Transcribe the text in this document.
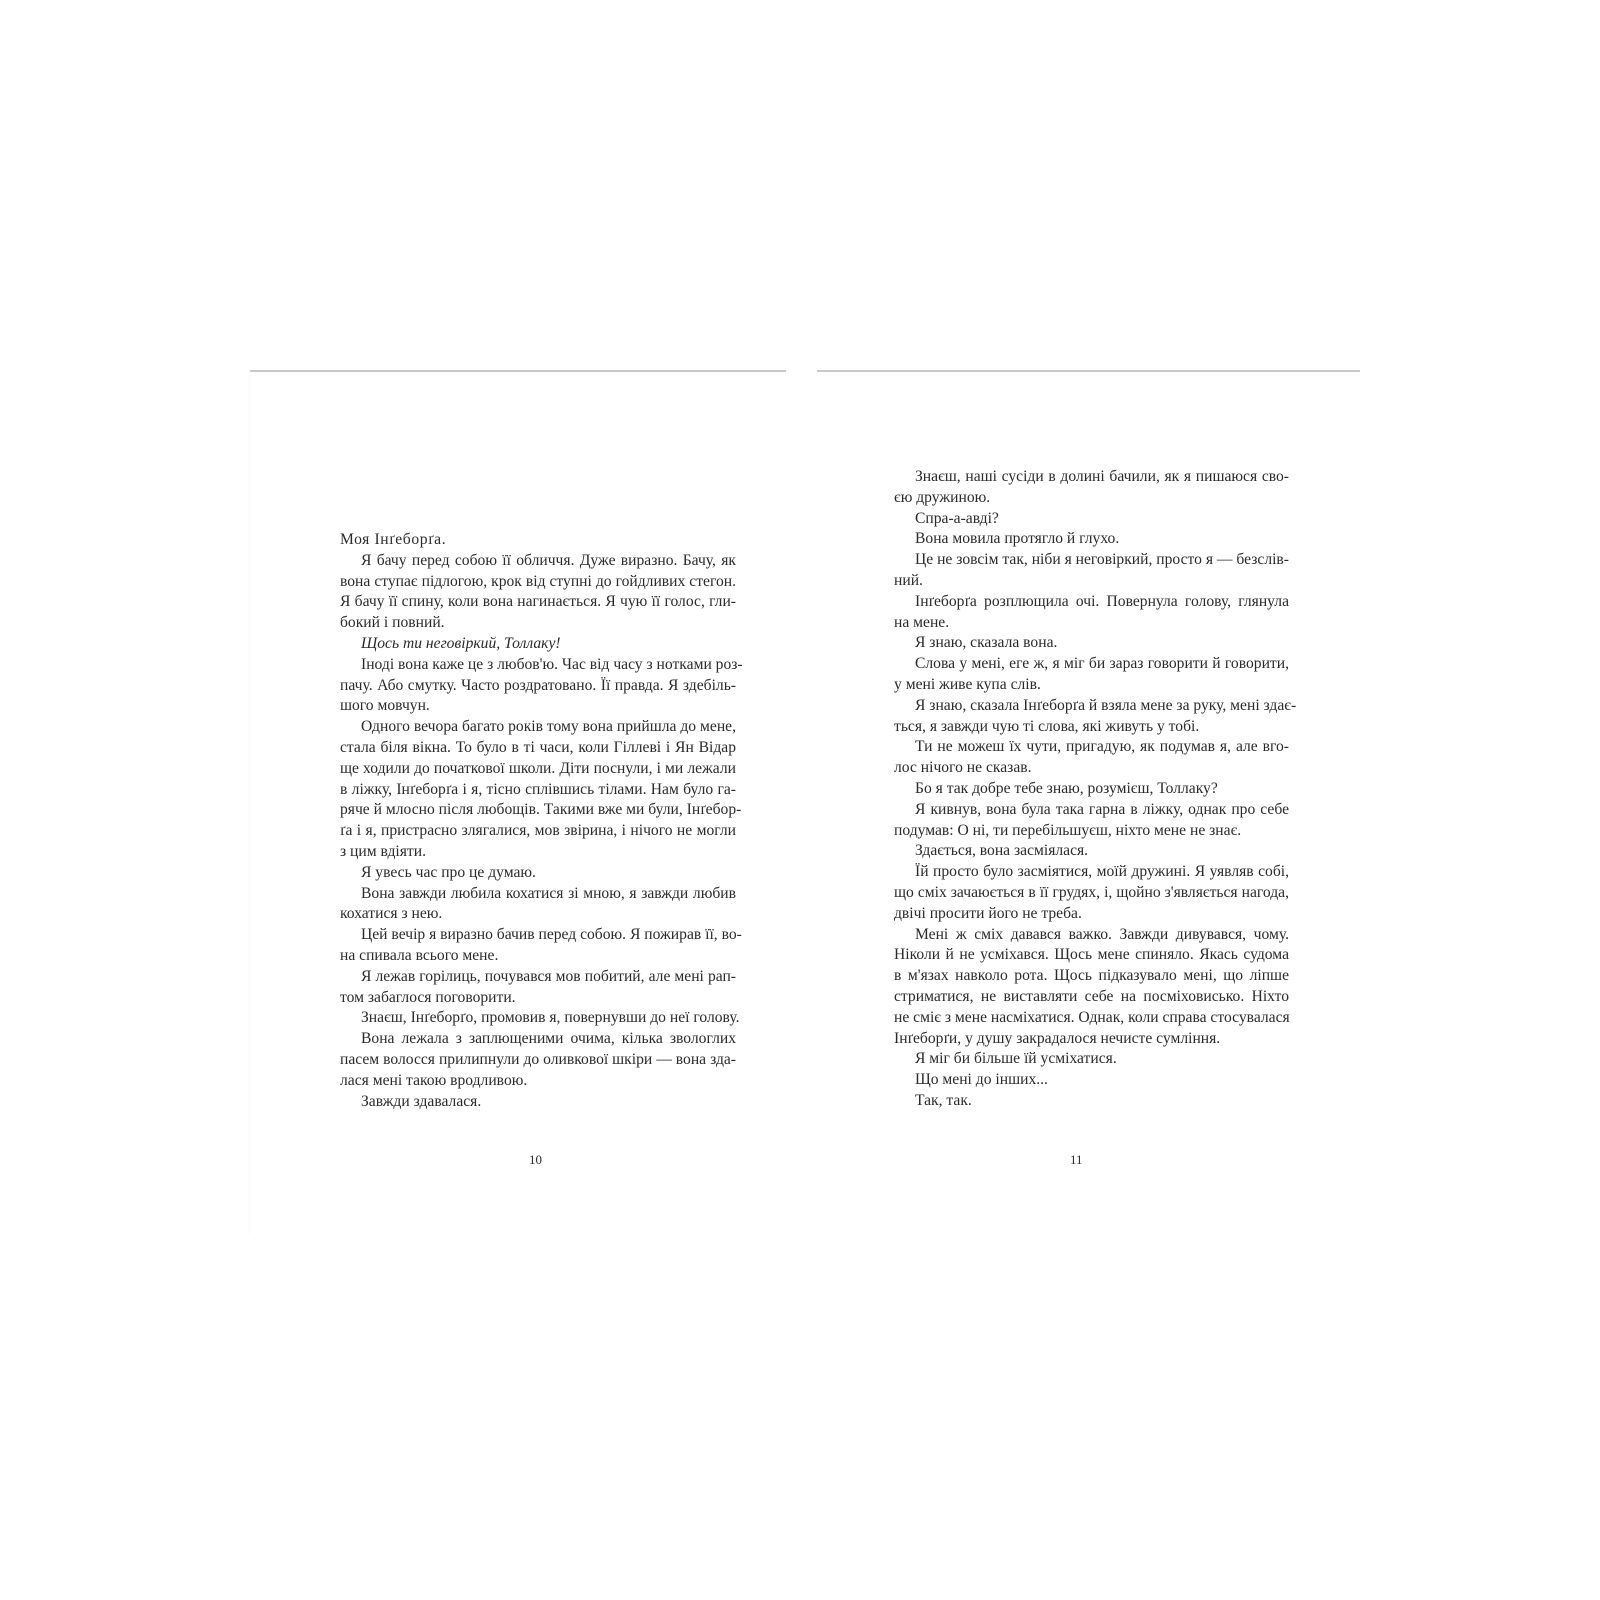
Моя Інґеборґа.
Я бачу перед собою її обличчя. Дуже виразно. Бачу, як
вона ступає підлогою, крок від ступні до гойдливих стегон.
Я бачу її спину, коли вона нагинається. Я чую її голос, гли-
бокий і повний.
Щось ти неговіркий, Толлаку!
Іноді вона каже це з любов'ю. Час від часу з нотками роз-
пачу. Або смутку. Часто роздратовано. Її правда. Я здебіль-
шого мовчун.
Одного вечора багато років тому вона прийшла до мене,
стала біля вікна. То було в ті часи, коли Гіллеві і Ян Відар
ще ходили до початкової школи. Діти поснули, і ми лежали
в ліжку, Інґеборґа і я, тісно сплівшись тілами. Нам було га-
ряче й млосно після любощів. Такими вже ми були, Інґебор-
ґа і я, пристрасно злягалися, мов звірина, і нічого не могли
з цим вдіяти.
Я увесь час про це думаю.
Вона завжди любила кохатися зі мною, я завжди любив
кохатися з нею.
Цей вечір я виразно бачив перед собою. Я пожирав її, во-
на спивала всього мене.
Я лежав горілиць, почувався мов побитий, але мені рап-
том забаглося поговорити.
Знаєш, Інґеборґо, промовив я, повернувши до неї голову.
Вона лежала з заплющеними очима, кілька звологлих
пасем волосся прилипнули до оливкової шкіри — вона зда-
лася мені такою вродливою.
Завжди здавалася.
10
Знаєш, наші сусіди в долині бачили, як я пишаюся сво-
єю дружиною.
Спра-а-авді?
Вона мовила протягло й глухо.
Це не зовсім так, ніби я неговіркий, просто я — безслів-
ний.
Інґеборґа розплющила очі. Повернула голову, глянула
на мене.
Я знаю, сказала вона.
Слова у мені, еге ж, я міг би зараз говорити й говорити,
у мені живе купа слів.
Я знаю, сказала Інґеборґа й взяла мене за руку, мені здає-
ться, я завжди чую ті слова, які живуть у тобі.
Ти не можеш їх чути, пригадую, як подумав я, але вго-
лос нічого не сказав.
Бо я так добре тебе знаю, розумієш, Толлаку?
Я кивнув, вона була така гарна в ліжку, однак про себе
подумав: О ні, ти перебільшуєш, ніхто мене не знає.
Здається, вона засміялася.
Їй просто було засміятися, моїй дружині. Я уявляв собі,
що сміх зачаюється в її грудях, і, щойно з'являється нагода,
двічі просити його не треба.
Мені ж сміх давався важко. Завжди дивувався, чому.
Ніколи й не усміхався. Щось мене спиняло. Якась судома
в м'язах навколо рота. Щось підказувало мені, що ліпше
стриматися, не виставляти себе на посміховисько. Ніхто
не сміє з мене насміхатися. Однак, коли справа стосувалася
Інґеборґи, у душу закрадалося нечисте сумління.
Я міг би більше їй усміхатися.
Що мені до інших...
Так, так.
11
